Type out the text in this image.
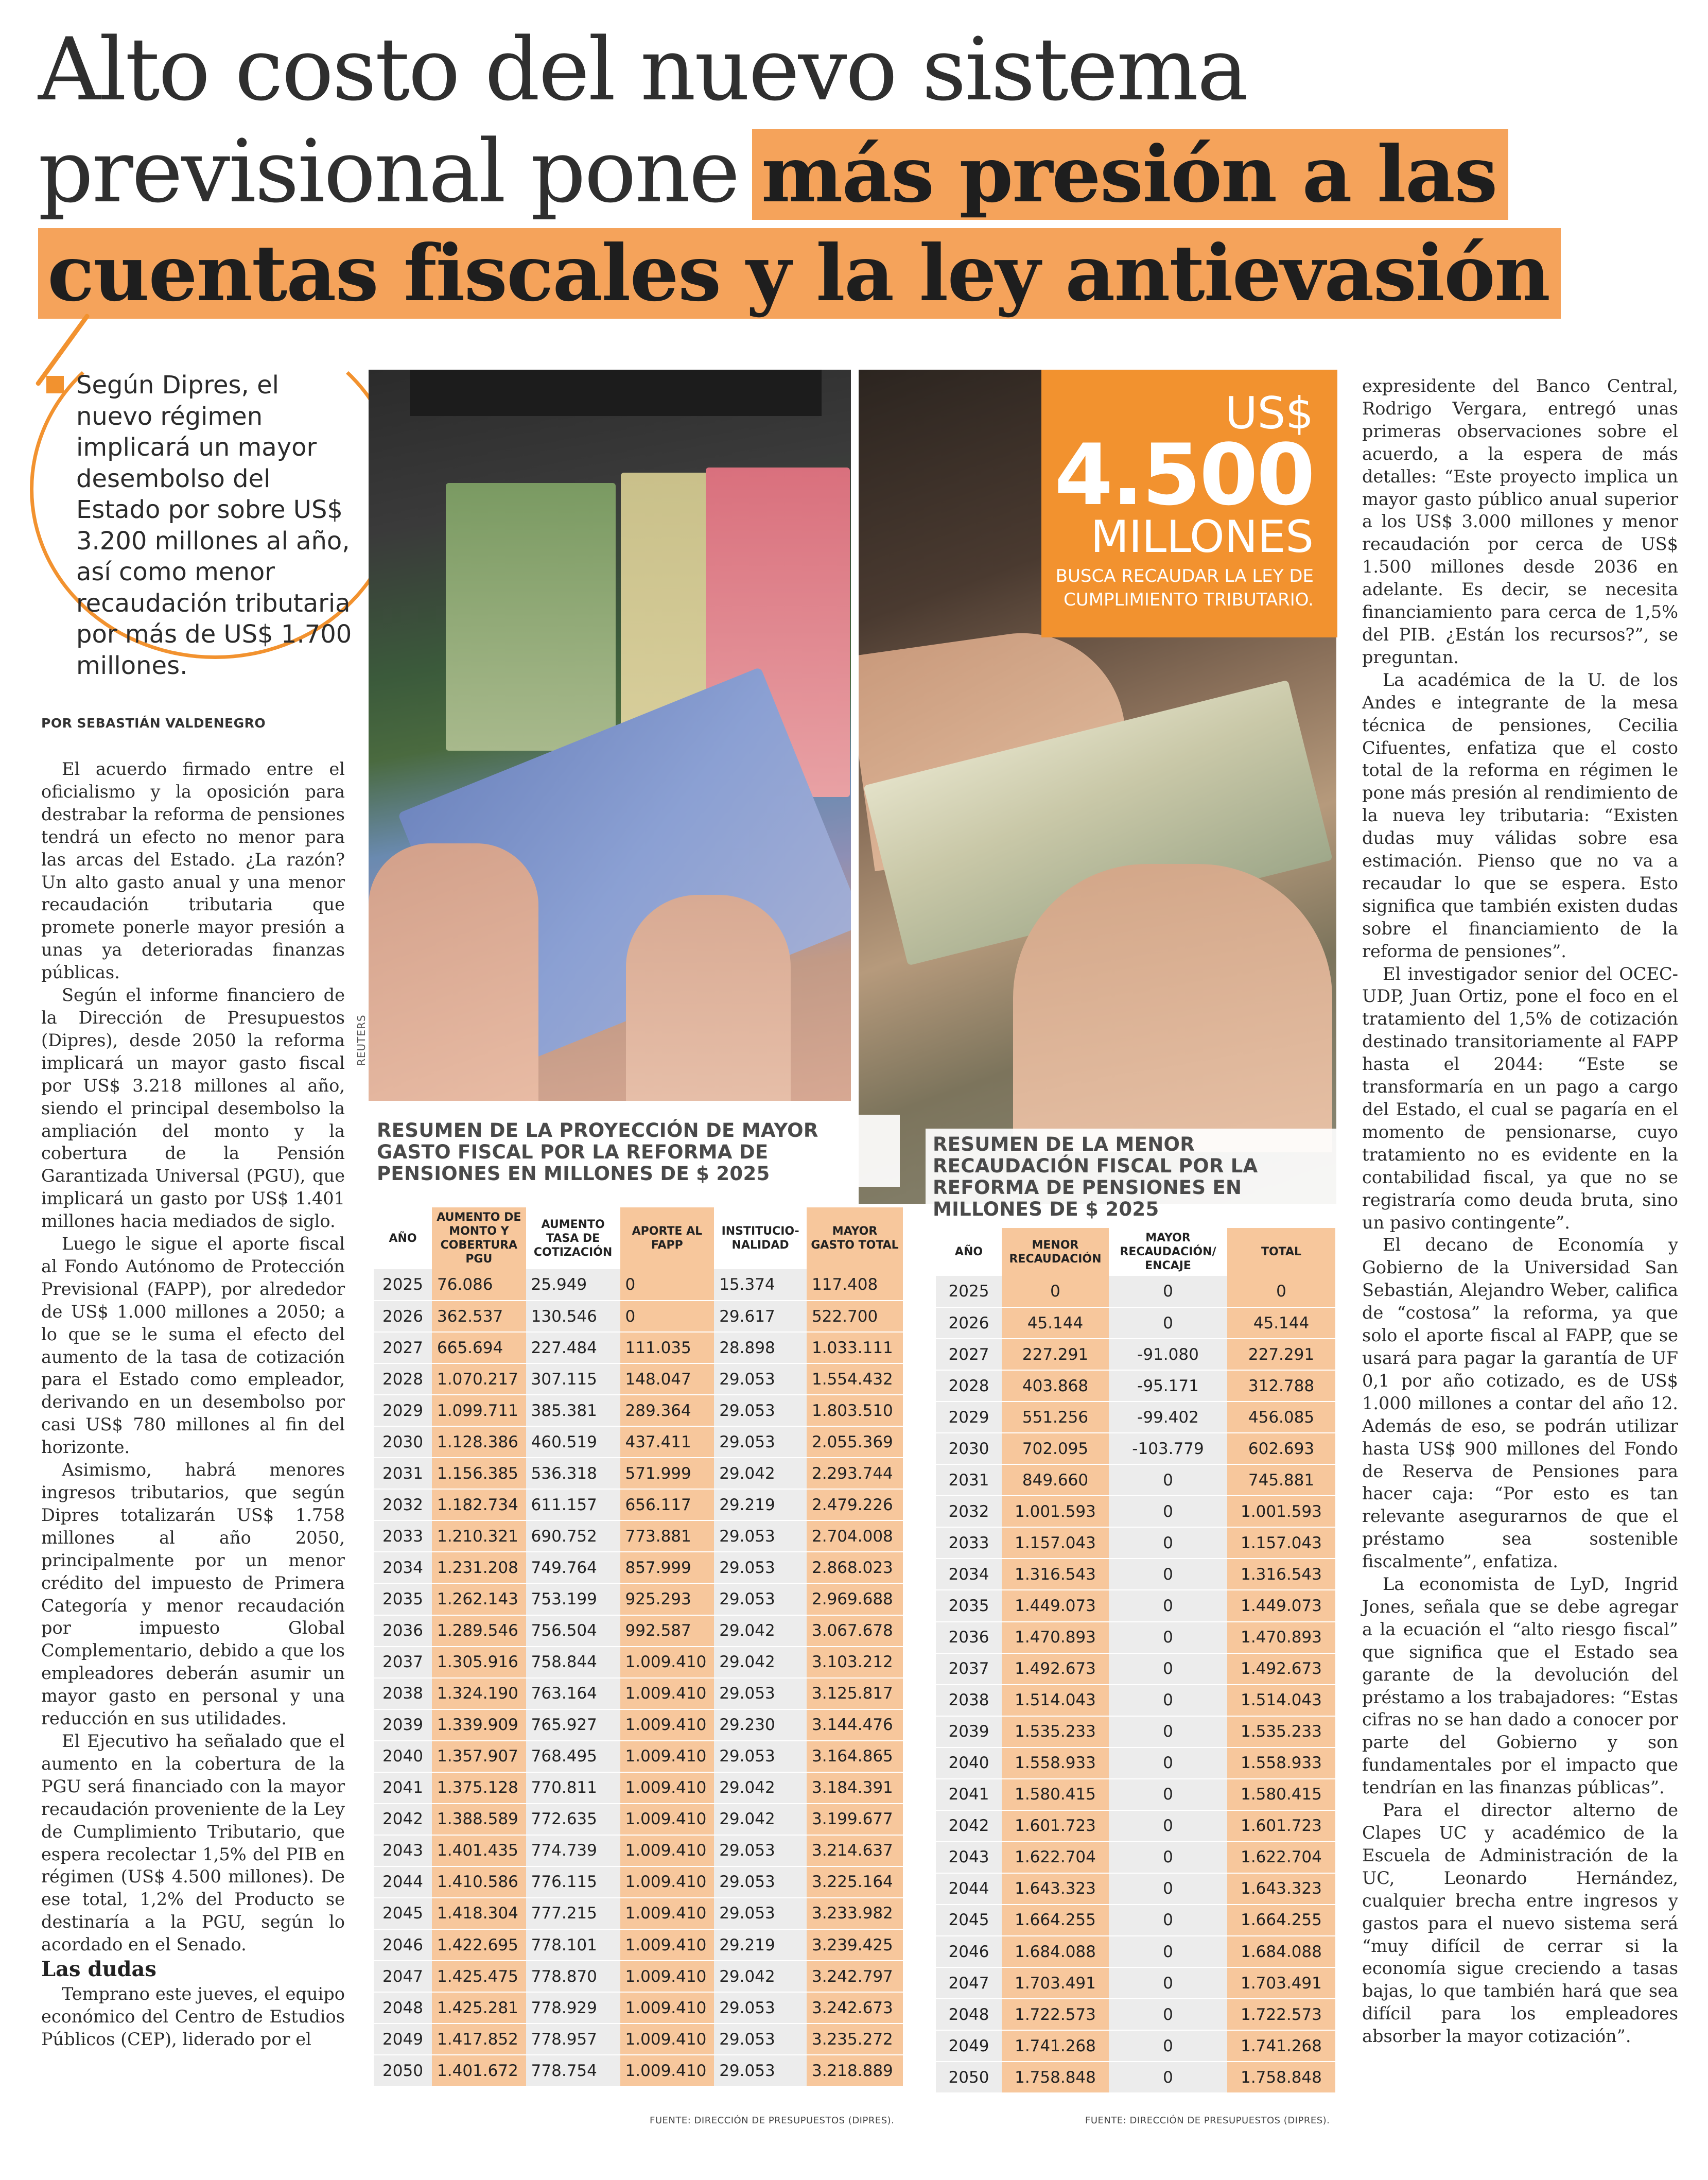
Alto costo del nuevo sistema
previsional pone más presión a las
cuentas fiscales y la ley antievasión
Según Dipres, el nuevo régimen implicará un mayor desembolso del Estado por sobre US$ 3.200 millones al año, así como menor recaudación tributaria por más de US$ 1.700 millones.
POR SEBASTIÁN VALDENEGRO

El acuerdo firmado entre el oficialismo y la oposición para destrabar la reforma de pensiones tendrá un efecto no menor para las arcas del Estado. ¿La razón? Un alto gasto anual y una menor recaudación tributaria que promete ponerle mayor presión a unas ya deterioradas finanzas públicas.

Según el informe financiero de la Dirección de Presupuestos (Dipres), desde 2050 la reforma implicará un mayor gasto fiscal por US$ 3.218 millones al año, siendo el principal desembolso la ampliación del monto y la cobertura de la Pensión Garantizada Universal (PGU), que implicará un gasto por US$ 1.401 millones hacia mediados de siglo.

Luego le sigue el aporte fiscal al Fondo Autónomo de Protección Previsional (FAPP), por alrededor de US$ 1.000 millones a 2050; a lo que se le suma el efecto del aumento de la tasa de cotización para el Estado como empleador, derivando en un desembolso por casi US$ 780 millones al fin del horizonte.

Asimismo, habrá menores ingresos tributarios, que según Dipres totalizarán US$ 1.758 millones al año 2050, principalmente por un menor crédito del impuesto de Primera Categoría y menor recaudación por impuesto Global Complementario, debido a que los empleadores deberán asumir un mayor gasto en personal y una reducción en sus utilidades.

El Ejecutivo ha señalado que el aumento en la cobertura de la PGU será financiado con la mayor recaudación proveniente de la Ley de Cumplimiento Tributario, que espera recolectar 1,5% del PIB en régimen (US$ 4.500 millones). De ese total, 1,2% del Producto se destinaría a la PGU, según lo acordado en el Senado.

Las dudas

Temprano este jueves, el equipo económico del Centro de Estudios Públicos (CEP), liderado por el

REUTERS
US$
4.500
MILLONES
BUSCA RECAUDAR LA LEY DE CUMPLIMIENTO TRIBUTARIO.
RESUMEN DE LA PROYECCIÓN DE MAYOR GASTO FISCAL POR LA REFORMA DE PENSIONES EN MILLONES DE $ 2025
AÑO	AUMENTO DE MONTO Y COBERTURA PGU	AUMENTO TASA DE COTIZACIÓN	APORTE AL FAPP	INSTITUCIO-NALIDAD	MAYOR GASTO TOTAL
2025	76.086	25.949	0	15.374	117.408
2026	362.537	130.546	0	29.617	522.700
2027	665.694	227.484	111.035	28.898	1.033.111
2028	1.070.217	307.115	148.047	29.053	1.554.432
2029	1.099.711	385.381	289.364	29.053	1.803.510
2030	1.128.386	460.519	437.411	29.053	2.055.369
2031	1.156.385	536.318	571.999	29.042	2.293.744
2032	1.182.734	611.157	656.117	29.219	2.479.226
2033	1.210.321	690.752	773.881	29.053	2.704.008
2034	1.231.208	749.764	857.999	29.053	2.868.023
2035	1.262.143	753.199	925.293	29.053	2.969.688
2036	1.289.546	756.504	992.587	29.042	3.067.678
2037	1.305.916	758.844	1.009.410	29.042	3.103.212
2038	1.324.190	763.164	1.009.410	29.053	3.125.817
2039	1.339.909	765.927	1.009.410	29.230	3.144.476
2040	1.357.907	768.495	1.009.410	29.053	3.164.865
2041	1.375.128	770.811	1.009.410	29.042	3.184.391
2042	1.388.589	772.635	1.009.410	29.042	3.199.677
2043	1.401.435	774.739	1.009.410	29.053	3.214.637
2044	1.410.586	776.115	1.009.410	29.053	3.225.164
2045	1.418.304	777.215	1.009.410	29.053	3.233.982
2046	1.422.695	778.101	1.009.410	29.219	3.239.425
2047	1.425.475	778.870	1.009.410	29.042	3.242.797
2048	1.425.281	778.929	1.009.410	29.053	3.242.673
2049	1.417.852	778.957	1.009.410	29.053	3.235.272
2050	1.401.672	778.754	1.009.410	29.053	3.218.889
FUENTE: DIRECCIÓN DE PRESUPUESTOS (DIPRES).
RESUMEN DE LA MENOR RECAUDACIÓN FISCAL POR LA REFORMA DE PENSIONES EN MILLONES DE $ 2025
AÑO	MENOR RECAUDACIÓN	MAYOR RECAUDACIÓN/ ENCAJE	TOTAL
2025	0	0	0
2026	45.144	0	45.144
2027	227.291	-91.080	227.291
2028	403.868	-95.171	312.788
2029	551.256	-99.402	456.085
2030	702.095	-103.779	602.693
2031	849.660	0	745.881
2032	1.001.593	0	1.001.593
2033	1.157.043	0	1.157.043
2034	1.316.543	0	1.316.543
2035	1.449.073	0	1.449.073
2036	1.470.893	0	1.470.893
2037	1.492.673	0	1.492.673
2038	1.514.043	0	1.514.043
2039	1.535.233	0	1.535.233
2040	1.558.933	0	1.558.933
2041	1.580.415	0	1.580.415
2042	1.601.723	0	1.601.723
2043	1.622.704	0	1.622.704
2044	1.643.323	0	1.643.323
2045	1.664.255	0	1.664.255
2046	1.684.088	0	1.684.088
2047	1.703.491	0	1.703.491
2048	1.722.573	0	1.722.573
2049	1.741.268	0	1.741.268
2050	1.758.848	0	1.758.848
FUENTE: DIRECCIÓN DE PRESUPUESTOS (DIPRES).

expresidente del Banco Central, Rodrigo Vergara, entregó unas primeras observaciones sobre el acuerdo, a la espera de más detalles: “Este proyecto implica un mayor gasto público anual superior a los US$ 3.000 millones y menor recaudación por cerca de US$ 1.500 millones desde 2036 en adelante. Es decir, se necesita financiamiento para cerca de 1,5% del PIB. ¿Están los recursos?”, se preguntan.

La académica de la U. de los Andes e integrante de la mesa técnica de pensiones, Cecilia Cifuentes, enfatiza que el costo total de la reforma en régimen le pone más presión al rendimiento de la nueva ley tributaria: “Existen dudas muy válidas sobre esa estimación. Pienso que no va a recaudar lo que se espera. Esto significa que también existen dudas sobre el financiamiento de la reforma de pensiones”.

El investigador senior del OCEC-UDP, Juan Ortiz, pone el foco en el tratamiento del 1,5% de cotización destinado transitoriamente al FAPP hasta el 2044: “Este se transformaría en un pago a cargo del Estado, el cual se pagaría en el momento de pensionarse, cuyo tratamiento no es evidente en la contabilidad fiscal, ya que no se registraría como deuda bruta, sino un pasivo contingente”.

El decano de Economía y Gobierno de la Universidad San Sebastián, Alejandro Weber, califica de “costosa” la reforma, ya que solo el aporte fiscal al FAPP, que se usará para pagar la garantía de UF 0,1 por año cotizado, es de US$ 1.000 millones a contar del año 12. Además de eso, se podrán utilizar hasta US$ 900 millones del Fondo de Reserva de Pensiones para hacer caja: “Por esto es tan relevante asegurarnos de que el préstamo sea sostenible fiscalmente”, enfatiza.

La economista de LyD, Ingrid Jones, señala que se debe agregar a la ecuación el “alto riesgo fiscal” que significa que el Estado sea garante de la devolución del préstamo a los trabajadores: “Estas cifras no se han dado a conocer por parte del Gobierno y son fundamentales por el impacto que tendrían en las finanzas públicas”.

Para el director alterno de Clapes UC y académico de la Escuela de Administración de la UC, Leonardo Hernández, cualquier brecha entre ingresos y gastos para el nuevo sistema será “muy difícil de cerrar si la economía sigue creciendo a tasas bajas, lo que también hará que sea difícil para los empleadores absorber la mayor cotización”.
